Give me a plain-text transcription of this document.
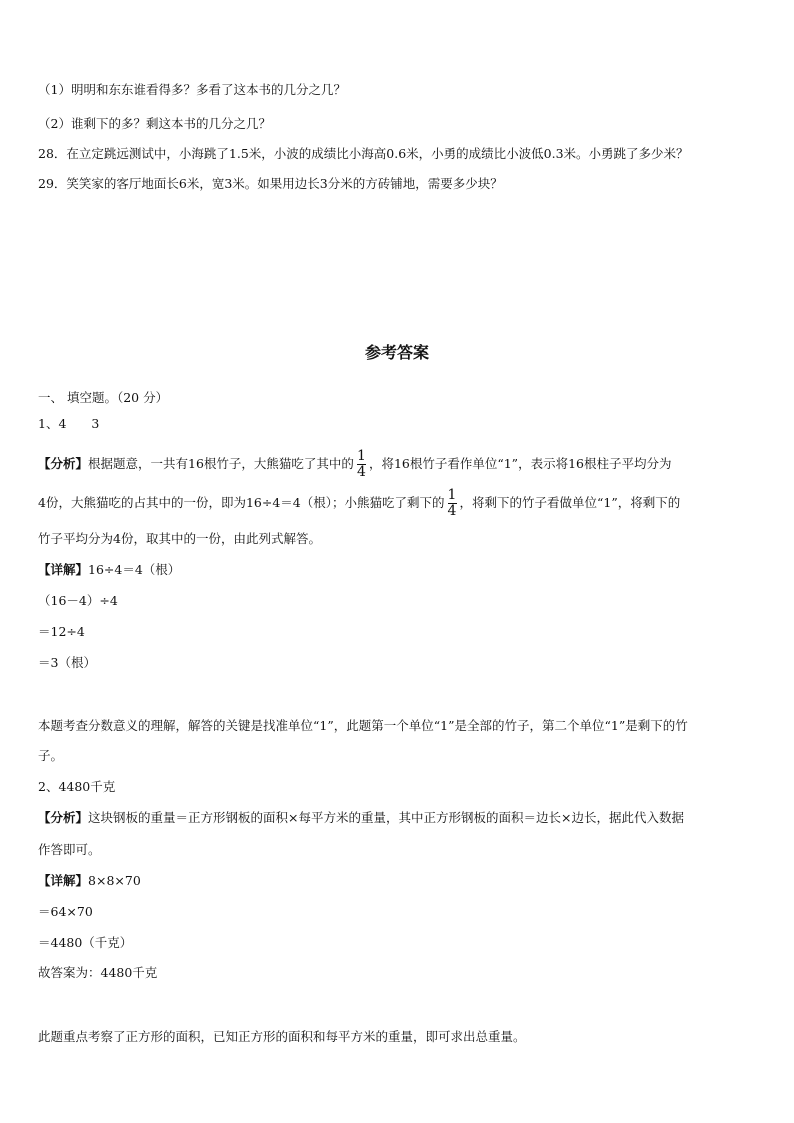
（1）明明和东东谁看得多？多看了这本书的几分之几？
（2）谁剩下的多？剩这本书的几分之几？
28．在立定跳远测试中，小海跳了1.5米，小波的成绩比小海高0.6米，小勇的成绩比小波低0.3米。小勇跳了多少米？
29．笑笑家的客厅地面长6米，宽3米。如果用边长3分米的方砖铺地，需要多少块？
参考答案
一、 填空题。（20 分）
1、4　　3
【分析】根据题意，一共有16根竹子，大熊猫吃了其中的 $\frac{1}{4}$ ，将16根竹子看作单位“1”，表示将16根柱子平均分为
4份，大熊猫吃的占其中的一份，即为16÷4＝4（根）；小熊猫吃了剩下的 $\frac{1}{4}$ ，将剩下的竹子看做单位“1”，将剩下的
竹子平均分为4份，取其中的一份，由此列式解答。
【详解】16÷4＝4（根）
（16－4）÷4
＝12÷4
＝3（根）
本题考查分数意义的理解，解答的关键是找准单位“1”，此题第一个单位“1”是全部的竹子，第二个单位“1”是剩下的竹
子。
2、4480千克
【分析】这块钢板的重量＝正方形钢板的面积×每平方米的重量，其中正方形钢板的面积＝边长×边长，据此代入数据
作答即可。
【详解】8×8×70
＝64×70
＝4480（千克）
故答案为：4480千克
此题重点考察了正方形的面积，已知正方形的面积和每平方米的重量，即可求出总重量。
